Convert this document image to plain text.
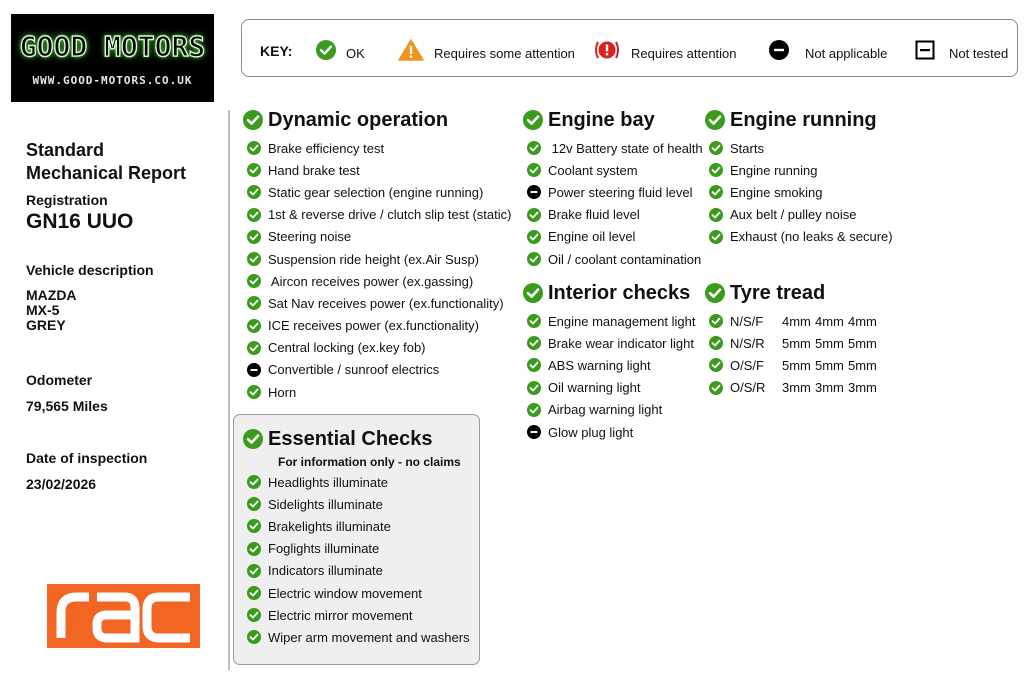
GOOD MOTORS
WWW.GOOD-MOTORS.CO.UK
Standard
Mechanical Report
Registration
GN16 UUO
Vehicle description
MAZDA
MX-5
GREY
Odometer
79,565 Miles
Date of inspection
23/02/2026
KEY:	OK	Requires some attention	Requires attention	Not applicable	Not tested
Dynamic operation
Brake efficiency test
Hand brake test
Static gear selection (engine running)
1st & reverse drive / clutch slip test (static)
Steering noise
Suspension ride height (ex.Air Susp)
Aircon receives power (ex.gassing)
Sat Nav receives power (ex.functionality)
ICE receives power (ex.functionality)
Central locking (ex.key fob)
Convertible / sunroof electrics
Horn
Essential Checks
For information only - no claims
Headlights illuminate
Sidelights illuminate
Brakelights illuminate
Foglights illuminate
Indicators illuminate
Electric window movement
Electric mirror movement
Wiper arm movement and washers
Engine bay
12v Battery state of health
Coolant system
Power steering fluid level
Brake fluid level
Engine oil level
Oil / coolant contamination
Interior checks
Engine management light
Brake wear indicator light
ABS warning light
Oil warning light
Airbag warning light
Glow plug light
Engine running
Starts
Engine running
Engine smoking
Aux belt / pulley noise
Exhaust (no leaks & secure)
Tyre tread
N/S/F	4mm 4mm 4mm
N/S/R	5mm 5mm 5mm
O/S/F	5mm 5mm 5mm
O/S/R	3mm 3mm 3mm
